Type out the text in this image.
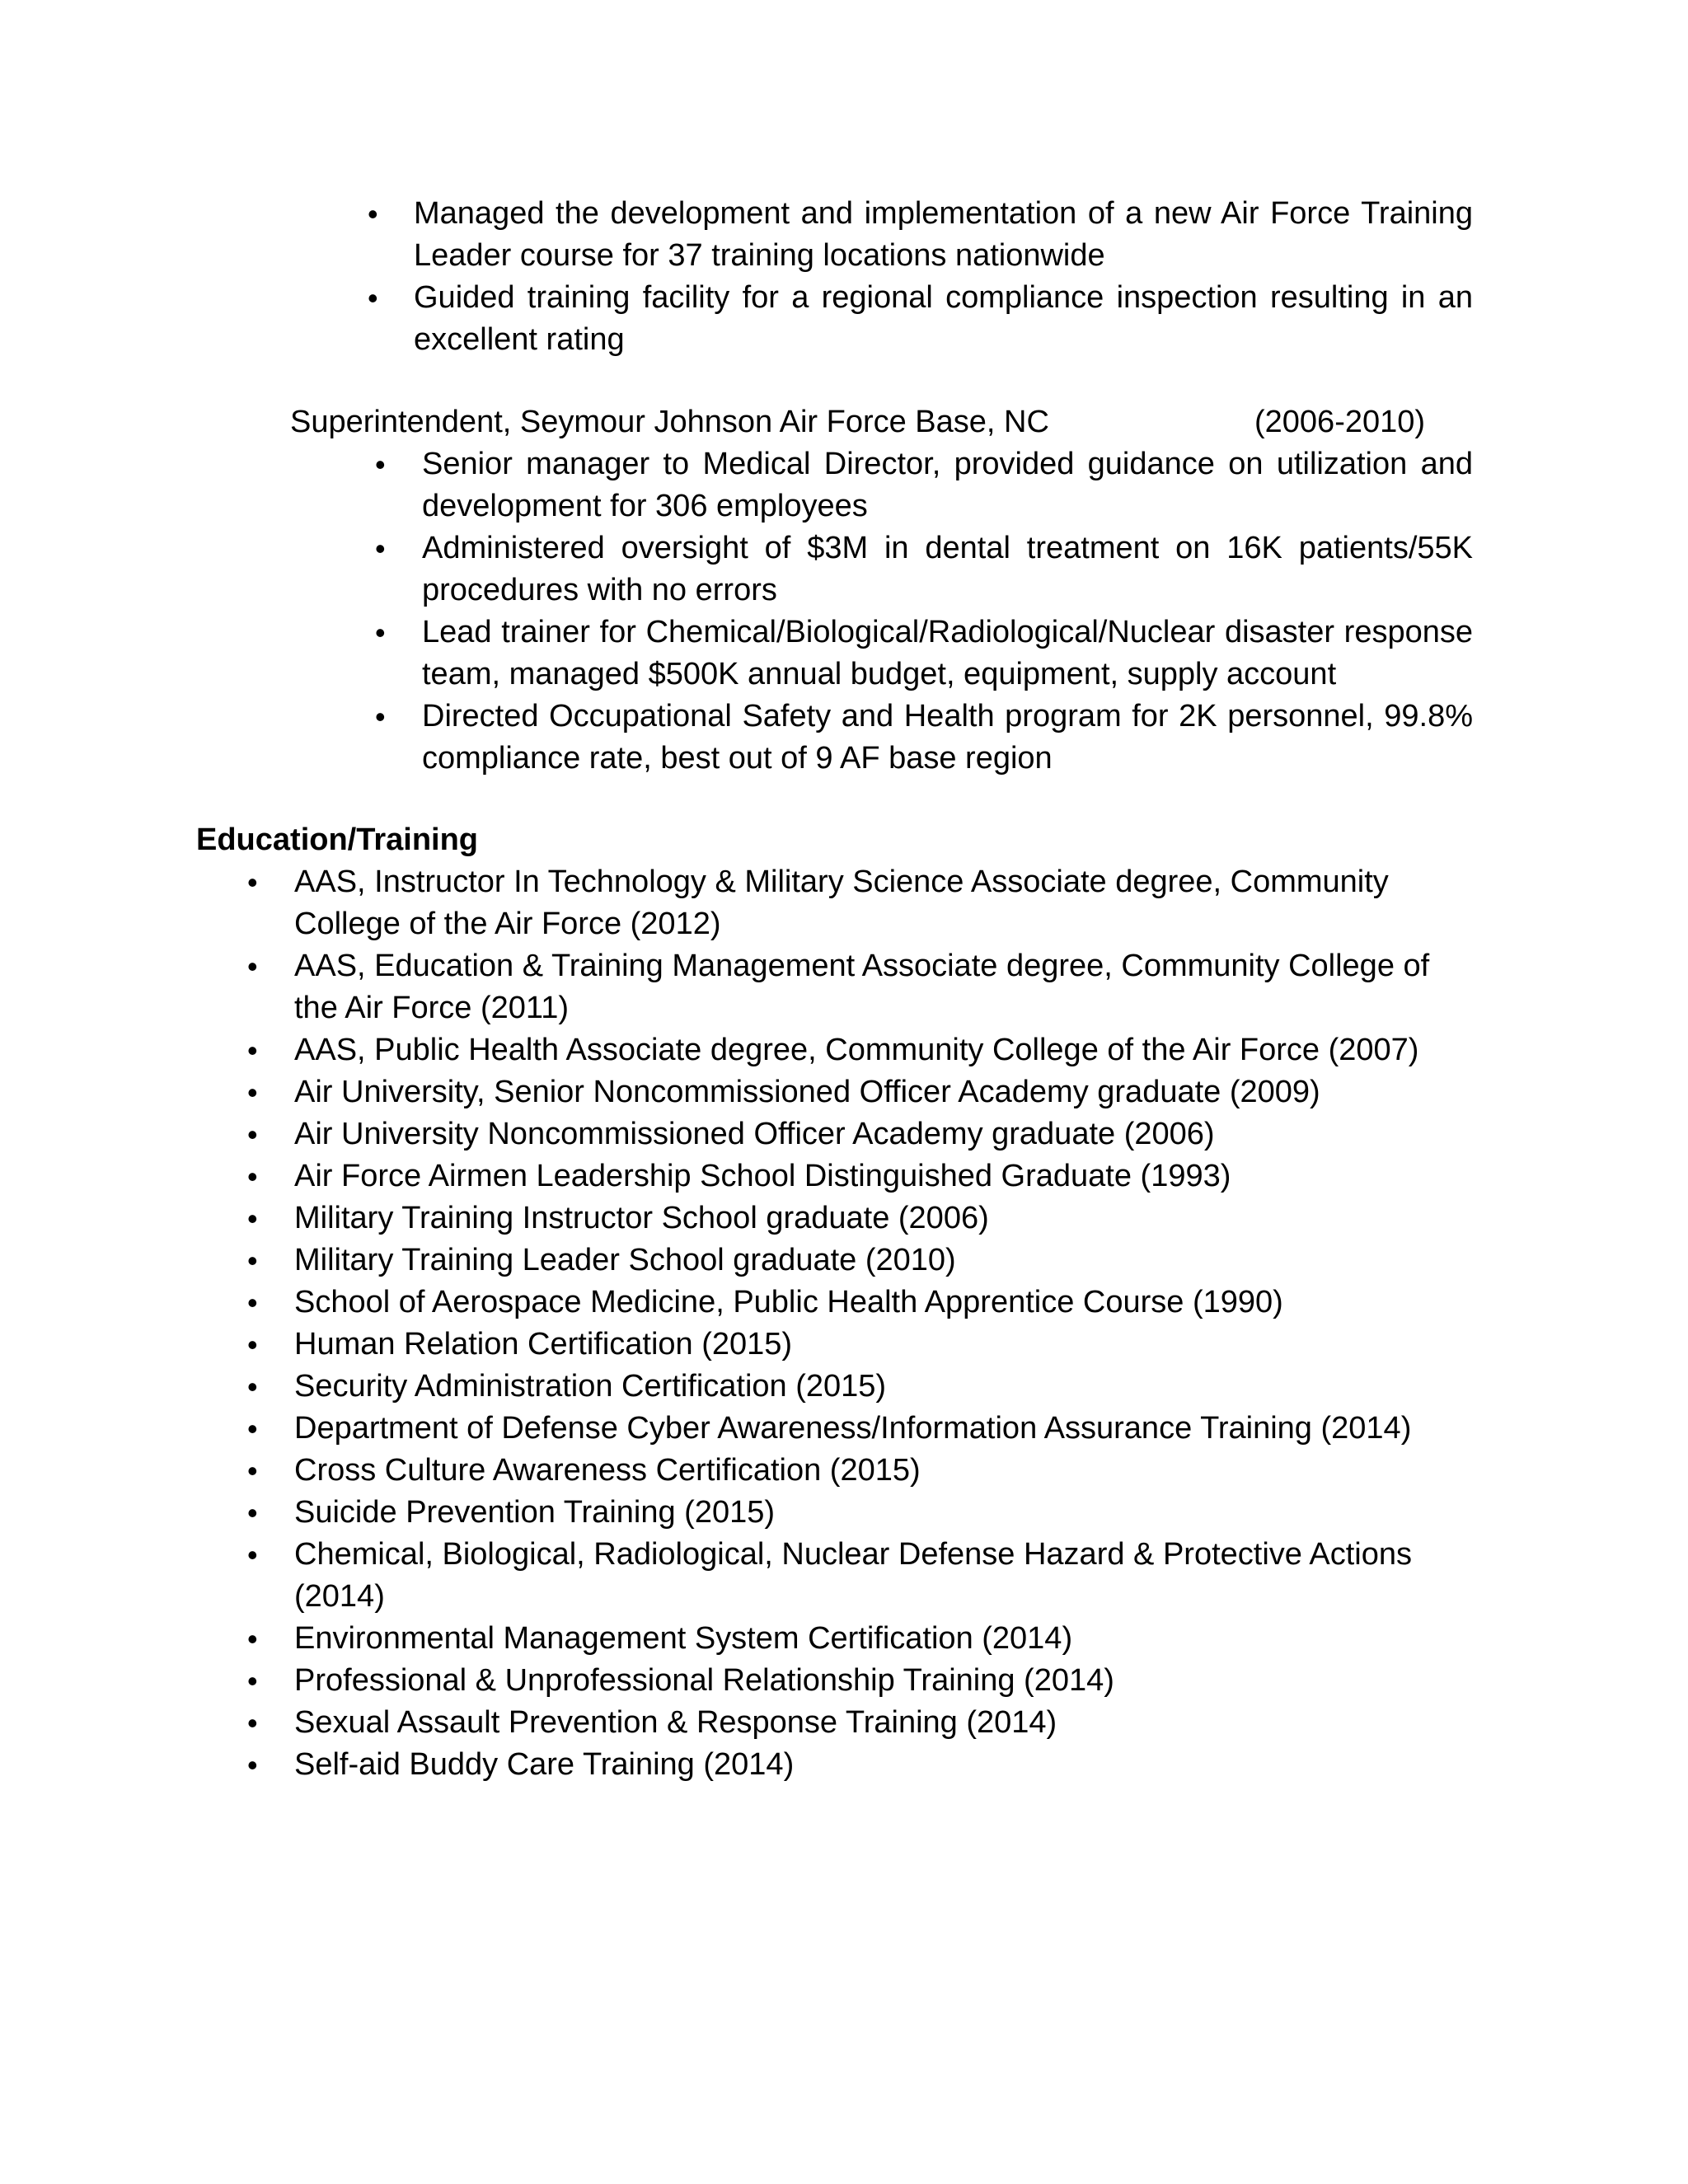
• Managed the development and implementation of a new Air Force Training Leader course for 37 training locations nationwide
• Guided training facility for a regional compliance inspection resulting in an excellent rating
Superintendent, Seymour Johnson Air Force Base, NC	(2006-2010)
• Senior manager to Medical Director, provided guidance on utilization and development for 306 employees
• Administered oversight of $3M in dental treatment on 16K patients/55K procedures with no errors
• Lead trainer for Chemical/Biological/Radiological/Nuclear disaster response team, managed $500K annual budget, equipment, supply account
• Directed Occupational Safety and Health program for 2K personnel, 99.8% compliance rate, best out of 9 AF base region
Education/Training
• AAS, Instructor In Technology & Military Science Associate degree, Community College of the Air Force (2012)
• AAS, Education & Training Management Associate degree, Community College of the Air Force (2011)
• AAS, Public Health Associate degree, Community College of the Air Force (2007)
• Air University, Senior Noncommissioned Officer Academy graduate (2009)
• Air University Noncommissioned Officer Academy graduate (2006)
• Air Force Airmen Leadership School Distinguished Graduate (1993)
• Military Training Instructor School graduate (2006)
• Military Training Leader School graduate (2010)
• School of Aerospace Medicine, Public Health Apprentice Course (1990)
• Human Relation Certification (2015)
• Security Administration Certification (2015)
• Department of Defense Cyber Awareness/Information Assurance Training (2014)
• Cross Culture Awareness Certification (2015)
• Suicide Prevention Training (2015)
• Chemical, Biological, Radiological, Nuclear Defense Hazard & Protective Actions (2014)
• Environmental Management System Certification (2014)
• Professional & Unprofessional Relationship Training (2014)
• Sexual Assault Prevention & Response Training (2014)
• Self-aid Buddy Care Training (2014)
